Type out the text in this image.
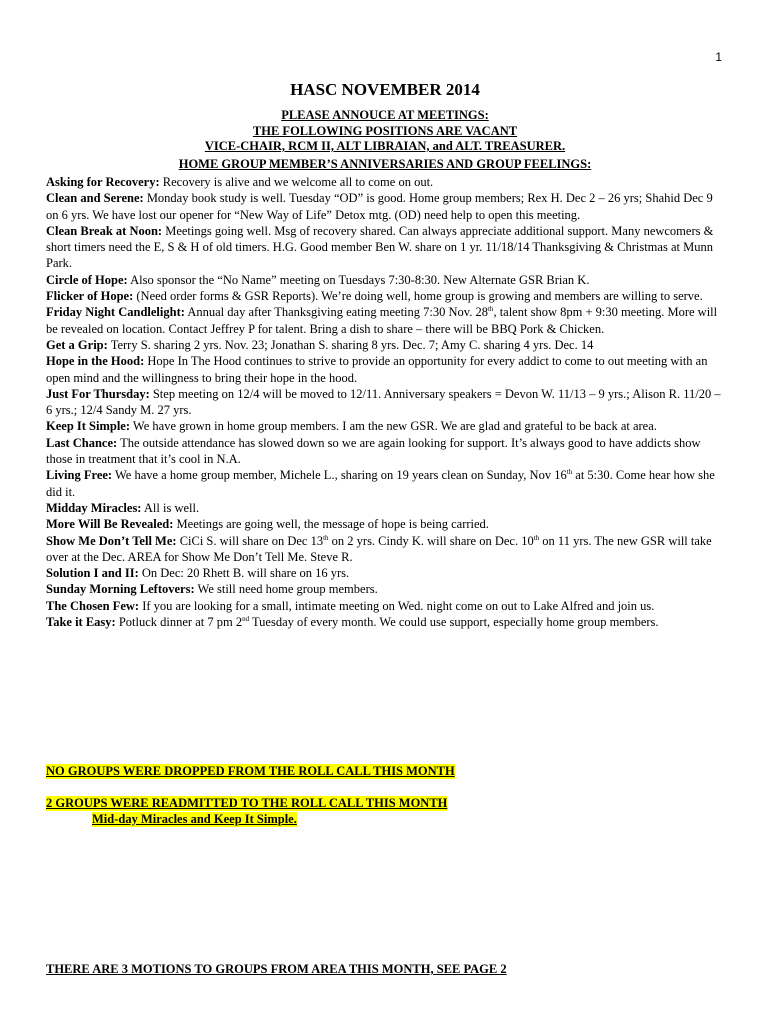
1
HASC NOVEMBER 2014
PLEASE ANNOUCE AT MEETINGS:
THE FOLLOWING POSITIONS ARE VACANT
VICE-CHAIR, RCM II, ALT LIBRAIAN, and ALT. TREASURER.
HOME GROUP MEMBER’S ANNIVERSARIES AND GROUP FEELINGS:

Asking for Recovery: Recovery is alive and we welcome all to come on out.

Clean and Serene: Monday book study is well. Tuesday “OD” is good. Home group members; Rex H. Dec 2 – 26 yrs; Shahid Dec 9 on 6 yrs. We have lost our opener for “New Way of Life” Detox mtg. (OD) need help to open this meeting.

Clean Break at Noon: Meetings going well. Msg of recovery shared. Can always appreciate additional support. Many newcomers & short timers need the E, S & H of old timers. H.G. Good member Ben W. share on 1 yr. 11/18/14 Thanksgiving & Christmas at Munn Park.

Circle of Hope: Also sponsor the “No Name” meeting on Tuesdays 7:30-8:30. New Alternate GSR Brian K.

Flicker of Hope: (Need order forms & GSR Reports). We’re doing well, home group is growing and members are willing to serve.

Friday Night Candlelight: Annual day after Thanksgiving eating meeting 7:30 Nov. 28th, talent show 8pm + 9:30 meeting. More will be revealed on location. Contact Jeffrey P for talent. Bring a dish to share – there will be BBQ Pork & Chicken.

Get a Grip: Terry S. sharing 2 yrs. Nov. 23; Jonathan S. sharing 8 yrs. Dec. 7; Amy C. sharing 4 yrs. Dec. 14

Hope in the Hood: Hope In The Hood continues to strive to provide an opportunity for every addict to come to out meeting with an open mind and the willingness to bring their hope in the hood.

Just For Thursday: Step meeting on 12/4 will be moved to 12/11. Anniversary speakers = Devon W. 11/13 – 9 yrs.; Alison R. 11/20 – 6 yrs.; 12/4 Sandy M. 27 yrs.

Keep It Simple: We have grown in home group members. I am the new GSR. We are glad and grateful to be back at area.

Last Chance: The outside attendance has slowed down so we are again looking for support. It’s always good to have addicts show those in treatment that it’s cool in N.A.

Living Free: We have a home group member, Michele L., sharing on 19 years clean on Sunday, Nov 16th at 5:30. Come hear how she did it.

Midday Miracles: All is well.

More Will Be Revealed: Meetings are going well, the message of hope is being carried.

Show Me Don’t Tell Me: CiCi S. will share on Dec 13th on 2 yrs. Cindy K. will share on Dec. 10th on 11 yrs. The new GSR will take over at the Dec. AREA for Show Me Don’t Tell Me. Steve R.

Solution I and II: On Dec: 20 Rhett B. will share on 16 yrs.

Sunday Morning Leftovers: We still need home group members.

The Chosen Few: If you are looking for a small, intimate meeting on Wed. night come on out to Lake Alfred and join us.

Take it Easy: Potluck dinner at 7 pm 2nd Tuesday of every month. We could use support, especially home group members.

NO GROUPS WERE DROPPED FROM THE ROLL CALL THIS MONTH
2 GROUPS WERE READMITTED TO THE ROLL CALL THIS MONTH
Mid-day Miracles and Keep It Simple.
THERE ARE 3 MOTIONS TO GROUPS FROM AREA THIS MONTH, SEE PAGE 2
